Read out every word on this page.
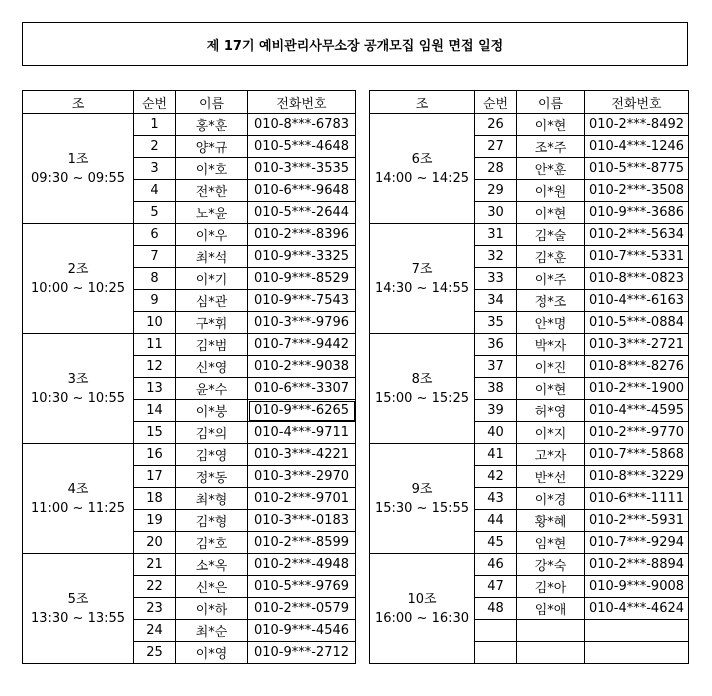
제 17기 예비관리사무소장 공개모집 임원 면접 일정
조	순번	이름	전화번호

1조
09:30 ~ 09:55	1	홍*훈	010-8***-6783
	2	양*규	010-5***-4648
	3	이*호	010-3***-3535
	4	전*한	010-6***-9648
	5	노*윤	010-5***-2644

2조
10:00 ~ 10:25	6	이*우	010-2***-8396
	7	최*석	010-9***-3325
	8	이*기	010-9***-8529
	9	심*관	010-9***-7543
	10	구*휘	010-3***-9796

3조
10:30 ~ 10:55	11	김*범	010-7***-9442
	12	신*영	010-2***-9038
	13	윤*수	010-6***-3307
	14	이*붕	010-9***-6265
	15	김*의	010-4***-9711

4조
11:00 ~ 11:25	16	김*영	010-3***-4221
	17	정*동	010-3***-2970
	18	최*형	010-2***-9701
	19	김*형	010-3***-0183
	20	김*호	010-2***-8599

5조
13:30 ~ 13:55	21	소*옥	010-2***-4948
	22	신*은	010-5***-9769
	23	이*하	010-2***-0579
	24	최*순	010-9***-4546
	25	이*영	010-9***-2712
조	순번	이름	전화번호

6조
14:00 ~ 14:25	26	이*현	010-2***-8492
	27	조*주	010-4***-1246
	28	안*훈	010-5***-8775
	29	이*원	010-2***-3508
	30	이*현	010-9***-3686

7조
14:30 ~ 14:55	31	김*술	010-2***-5634
	32	김*훈	010-7***-5331
	33	이*주	010-8***-0823
	34	정*조	010-4***-6163
	35	안*명	010-5***-0884

8조
15:00 ~ 15:25	36	박*자	010-3***-2721
	37	이*진	010-8***-8276
	38	이*현	010-2***-1900
	39	허*영	010-4***-4595
	40	이*지	010-2***-9770

9조
15:30 ~ 15:55	41	고*자	010-7***-5868
	42	반*선	010-8***-3229
	43	이*경	010-6***-1111
	44	황*혜	010-2***-5931
	45	임*현	010-7***-9294

10조
16:00 ~ 16:30	46	강*숙	010-2***-8894
	47	김*아	010-9***-9008
	48	임*애	010-4***-4624
